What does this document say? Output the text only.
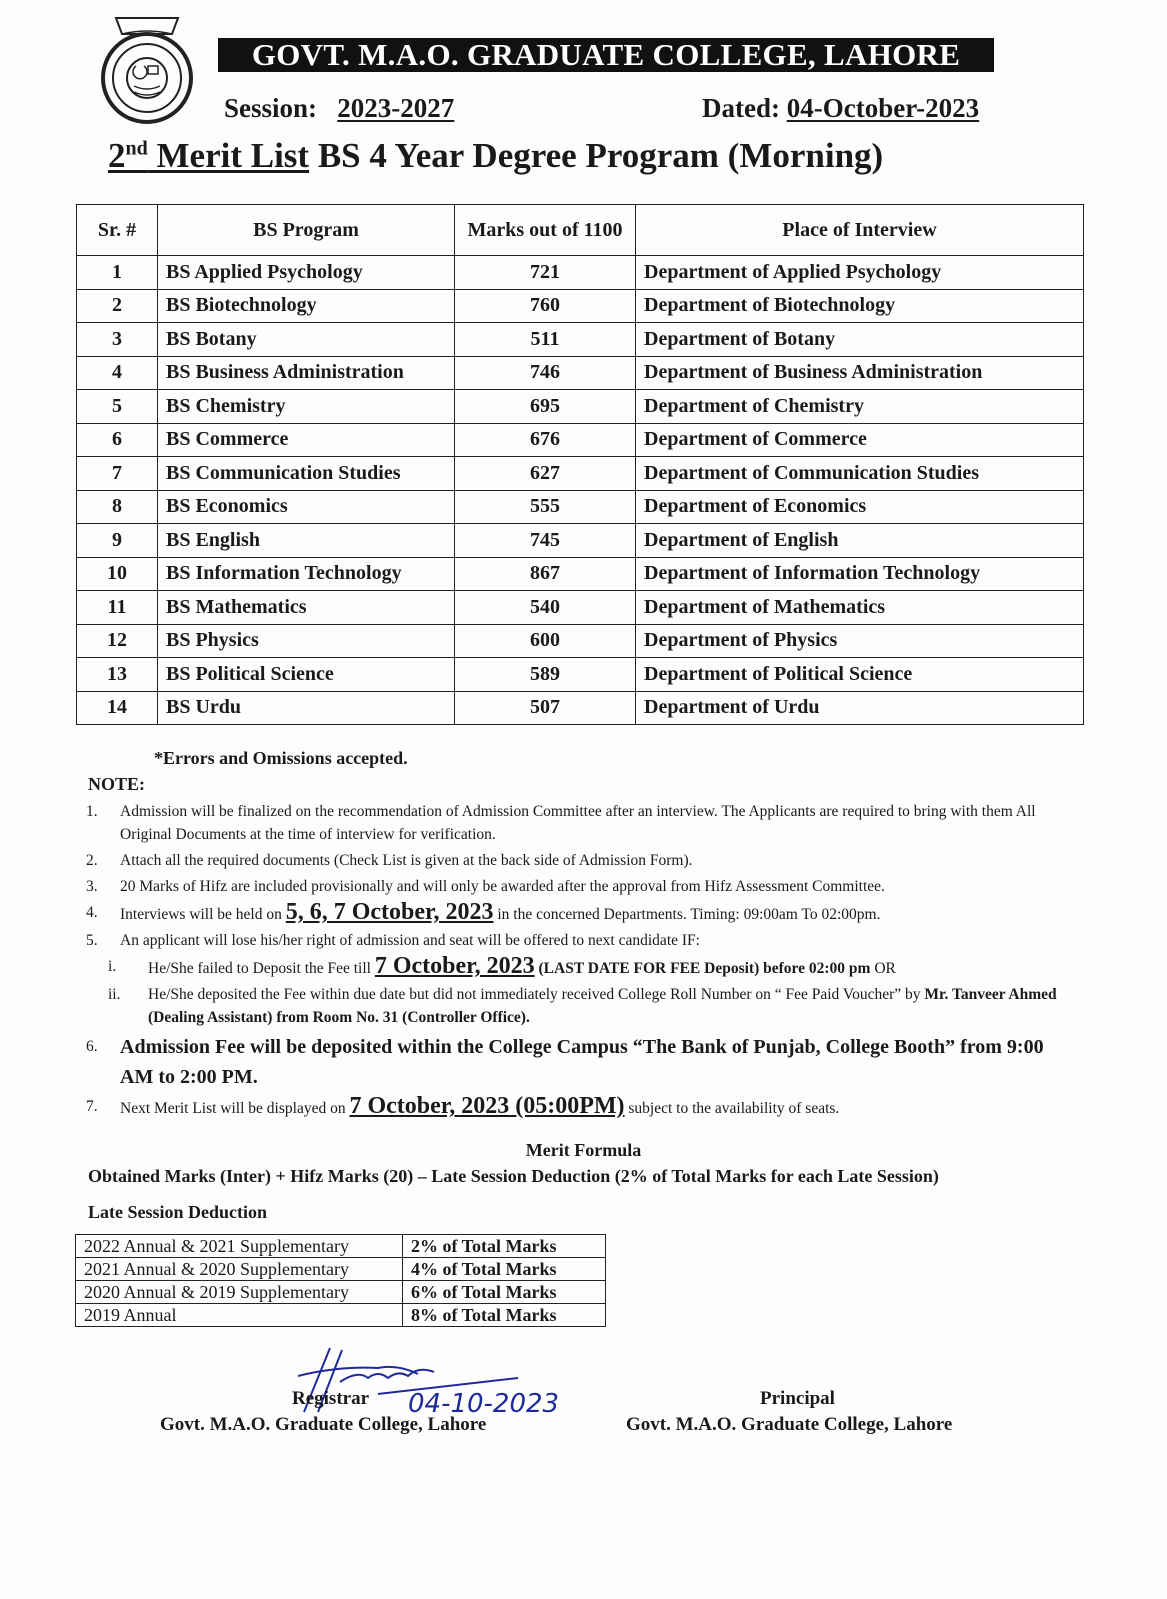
GOVT. M.A.O. GRADUATE COLLEGE, LAHORE
Session: 2023-2027	Dated: 04-October-2023
2nd Merit List BS 4 Year Degree Program (Morning)
Sr. #	BS Program	Marks out of 1100	Place of Interview
1	BS Applied Psychology	721	Department of Applied Psychology
2	BS Biotechnology	760	Department of Biotechnology
3	BS Botany	511	Department of Botany
4	BS Business Administration	746	Department of Business Administration
5	BS Chemistry	695	Department of Chemistry
6	BS Commerce	676	Department of Commerce
7	BS Communication Studies	627	Department of Communication Studies
8	BS Economics	555	Department of Economics
9	BS English	745	Department of English
10	BS Information Technology	867	Department of Information Technology
11	BS Mathematics	540	Department of Mathematics
12	BS Physics	600	Department of Physics
13	BS Political Science	589	Department of Political Science
14	BS Urdu	507	Department of Urdu
*Errors and Omissions accepted.
NOTE:
1.	Admission will be finalized on the recommendation of Admission Committee after an interview. The Applicants are required to bring with them All Original Documents at the time of interview for verification.
2.	Attach all the required documents (Check List is given at the back side of Admission Form).
3.	20 Marks of Hifz are included provisionally and will only be awarded after the approval from Hifz Assessment Committee.
4.	Interviews will be held on 5, 6, 7 October, 2023 in the concerned Departments. Timing: 09:00am To 02:00pm.
5.	An applicant will lose his/her right of admission and seat will be offered to next candidate IF:
i.	He/She failed to Deposit the Fee till 7 October, 2023 (LAST DATE FOR FEE Deposit) before 02:00 pm OR
ii.	He/She deposited the Fee within due date but did not immediately received College Roll Number on “ Fee Paid Voucher” by Mr. Tanveer Ahmed (Dealing Assistant) from Room No. 31 (Controller Office).
6.	Admission Fee will be deposited within the College Campus “The Bank of Punjab, College Booth” from 9:00 AM to 2:00 PM.
7.	Next Merit List will be displayed on 7 October, 2023 (05:00PM) subject to the availability of seats.
Merit Formula
Obtained Marks (Inter) + Hifz Marks (20) – Late Session Deduction (2% of Total Marks for each Late Session)
Late Session Deduction
2022 Annual & 2021 Supplementary	2% of Total Marks
2021 Annual & 2020 Supplementary	4% of Total Marks
2020 Annual & 2019 Supplementary	6% of Total Marks
2019 Annual	8% of Total Marks
04-10-2023
Registrar	Principal
Govt. M.A.O. Graduate College, Lahore	Govt. M.A.O. Graduate College, Lahore
